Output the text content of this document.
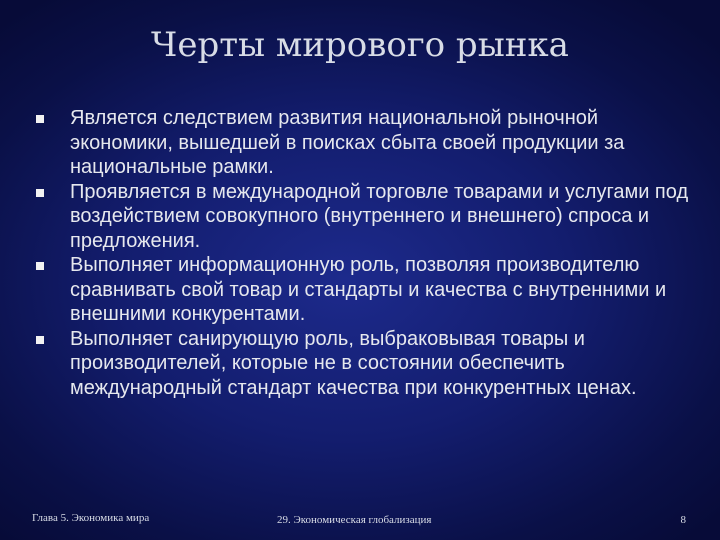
Черты мирового рынка
Является следствием развития национальной рыночной экономики, вышедшей в поисках сбыта своей продукции за национальные рамки.
Проявляется в международной торговле товарами и услугами под воздействием совокупного (внутреннего и внешнего) спроса и предложения.
Выполняет информационную роль, позволяя производителю сравнивать свой товар и стандарты и качества с внутренними и внешними конкурентами.
Выполняет санирующую роль, выбраковывая товары и производителей, которые не в состоянии обеспечить международный стандарт качества при конкурентных ценах.
Глава 5. Экономика мира	29. Экономическая глобализация	8
